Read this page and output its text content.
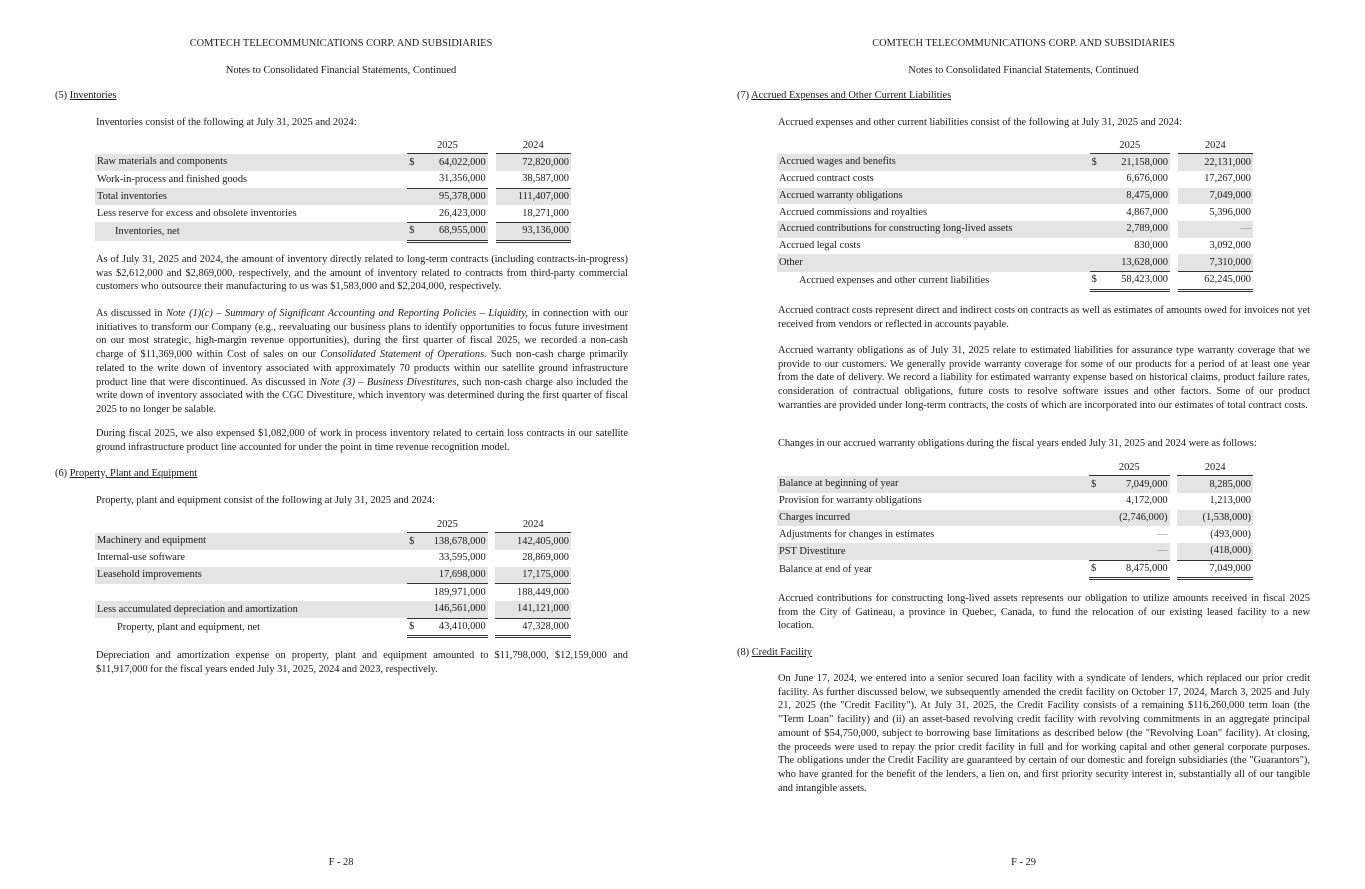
COMTECH TELECOMMUNICATIONS CORP. AND SUBSIDIARIES
Notes to Consolidated Financial Statements, Continued
(5) Inventories
Inventories consist of the following at July 31, 2025 and 2024:
	2025			2024
Raw materials and components	$	64,022,000		72,820,000
Work-in-process and finished goods		31,356,000		38,587,000
Total inventories		95,378,000		111,407,000
Less reserve for excess and obsolete inventories		26,423,000		18,271,000
Inventories, net	$	68,955,000		93,136,000
As of July 31, 2025 and 2024, the amount of inventory directly related to long-term contracts (including contracts-in-progress) was $2,612,000 and $2,869,000, respectively, and the amount of inventory related to contracts from third-party commercial customers who outsource their manufacturing to us was $1,583,000 and $2,204,000, respectively.
As discussed in Note (1)(c) – Summary of Significant Accounting and Reporting Policies – Liquidity, in connection with our initiatives to transform our Company (e.g., reevaluating our business plans to identify opportunities to focus future investment on our most strategic, high-margin revenue opportunities), during the first quarter of fiscal 2025, we recorded a non-cash charge of $11,369,000 within Cost of sales on our Consolidated Statement of Operations. Such non-cash charge primarily related to the write down of inventory associated with approximately 70 products within our satellite ground infrastructure product line that were discontinued. As discussed in Note (3) – Business Divestitures, such non-cash charge also included the write down of inventory associated with the CGC Divestiture, which inventory was determined during the first quarter of fiscal 2025 to no longer be salable.
During fiscal 2025, we also expensed $1,082,000 of work in process inventory related to certain loss contracts in our satellite ground infrastructure product line accounted for under the point in time revenue recognition model.
(6) Property, Plant and Equipment
Property, plant and equipment consist of the following at July 31, 2025 and 2024:
	2025			2024
Machinery and equipment	$	138,678,000		142,405,000
Internal-use software		33,595,000		28,869,000
Leasehold improvements		17,698,000		17,175,000
		189,971,000		188,449,000
Less accumulated depreciation and amortization		146,561,000		141,121,000
Property, plant and equipment, net	$	43,410,000		47,328,000
Depreciation and amortization expense on property, plant and equipment amounted to $11,798,000, $12,159,000 and $11,917,000 for the fiscal years ended July 31, 2025, 2024 and 2023, respectively.
F - 28
COMTECH TELECOMMUNICATIONS CORP. AND SUBSIDIARIES
Notes to Consolidated Financial Statements, Continued
(7) Accrued Expenses and Other Current Liabilities
Accrued expenses and other current liabilities consist of the following at July 31, 2025 and 2024:
	2025			2024
Accrued wages and benefits	$	21,158,000		22,131,000
Accrued contract costs		6,676,000		17,267,000
Accrued warranty obligations		8,475,000		7,049,000
Accrued commissions and royalties		4,867,000		5,396,000
Accrued contributions for constructing long-lived assets		2,789,000		—
Accrued legal costs		830,000		3,092,000
Other		13,628,000		7,310,000
Accrued expenses and other current liabilities	$	58,423,000		62,245,000
Accrued contract costs represent direct and indirect costs on contracts as well as estimates of amounts owed for invoices not yet received from vendors or reflected in accounts payable.
Accrued warranty obligations as of July 31, 2025 relate to estimated liabilities for assurance type warranty coverage that we provide to our customers. We generally provide warranty coverage for some of our products for a period of at least one year from the date of delivery. We record a liability for estimated warranty expense based on historical claims, product failure rates, consideration of contractual obligations, future costs to resolve software issues and other factors. Some of our product warranties are provided under long-term contracts, the costs of which are incorporated into our estimates of total contract costs.
Changes in our accrued warranty obligations during the fiscal years ended July 31, 2025 and 2024 were as follows:
	2025			2024
Balance at beginning of year	$	7,049,000		8,285,000
Provision for warranty obligations		4,172,000		1,213,000
Charges incurred		(2,746,000)		(1,538,000)
Adjustments for changes in estimates		—		(493,000)
PST Divestiture		—		(418,000)
Balance at end of year	$	8,475,000		7,049,000
Accrued contributions for constructing long-lived assets represents our obligation to utilize amounts received in fiscal 2025 from the City of Gatineau, a province in Quebec, Canada, to fund the relocation of our existing leased facility to a new location.
(8) Credit Facility
On June 17, 2024, we entered into a senior secured loan facility with a syndicate of lenders, which replaced our prior credit facility. As further discussed below, we subsequently amended the credit facility on October 17, 2024, March 3, 2025 and July 21, 2025 (the "Credit Facility"). At July 31, 2025, the Credit Facility consists of a remaining $116,260,000 term loan (the "Term Loan" facility) and (ii) an asset-based revolving credit facility with revolving commitments in an aggregate principal amount of $54,750,000, subject to borrowing base limitations as described below (the "Revolving Loan" facility). At closing, the proceeds were used to repay the prior credit facility in full and for working capital and other general corporate purposes. The obligations under the Credit Facility are guaranteed by certain of our domestic and foreign subsidiaries (the "Guarantors"), who have granted for the benefit of the lenders, a lien on, and first priority security interest in, substantially all of our tangible and intangible assets.
F - 29
